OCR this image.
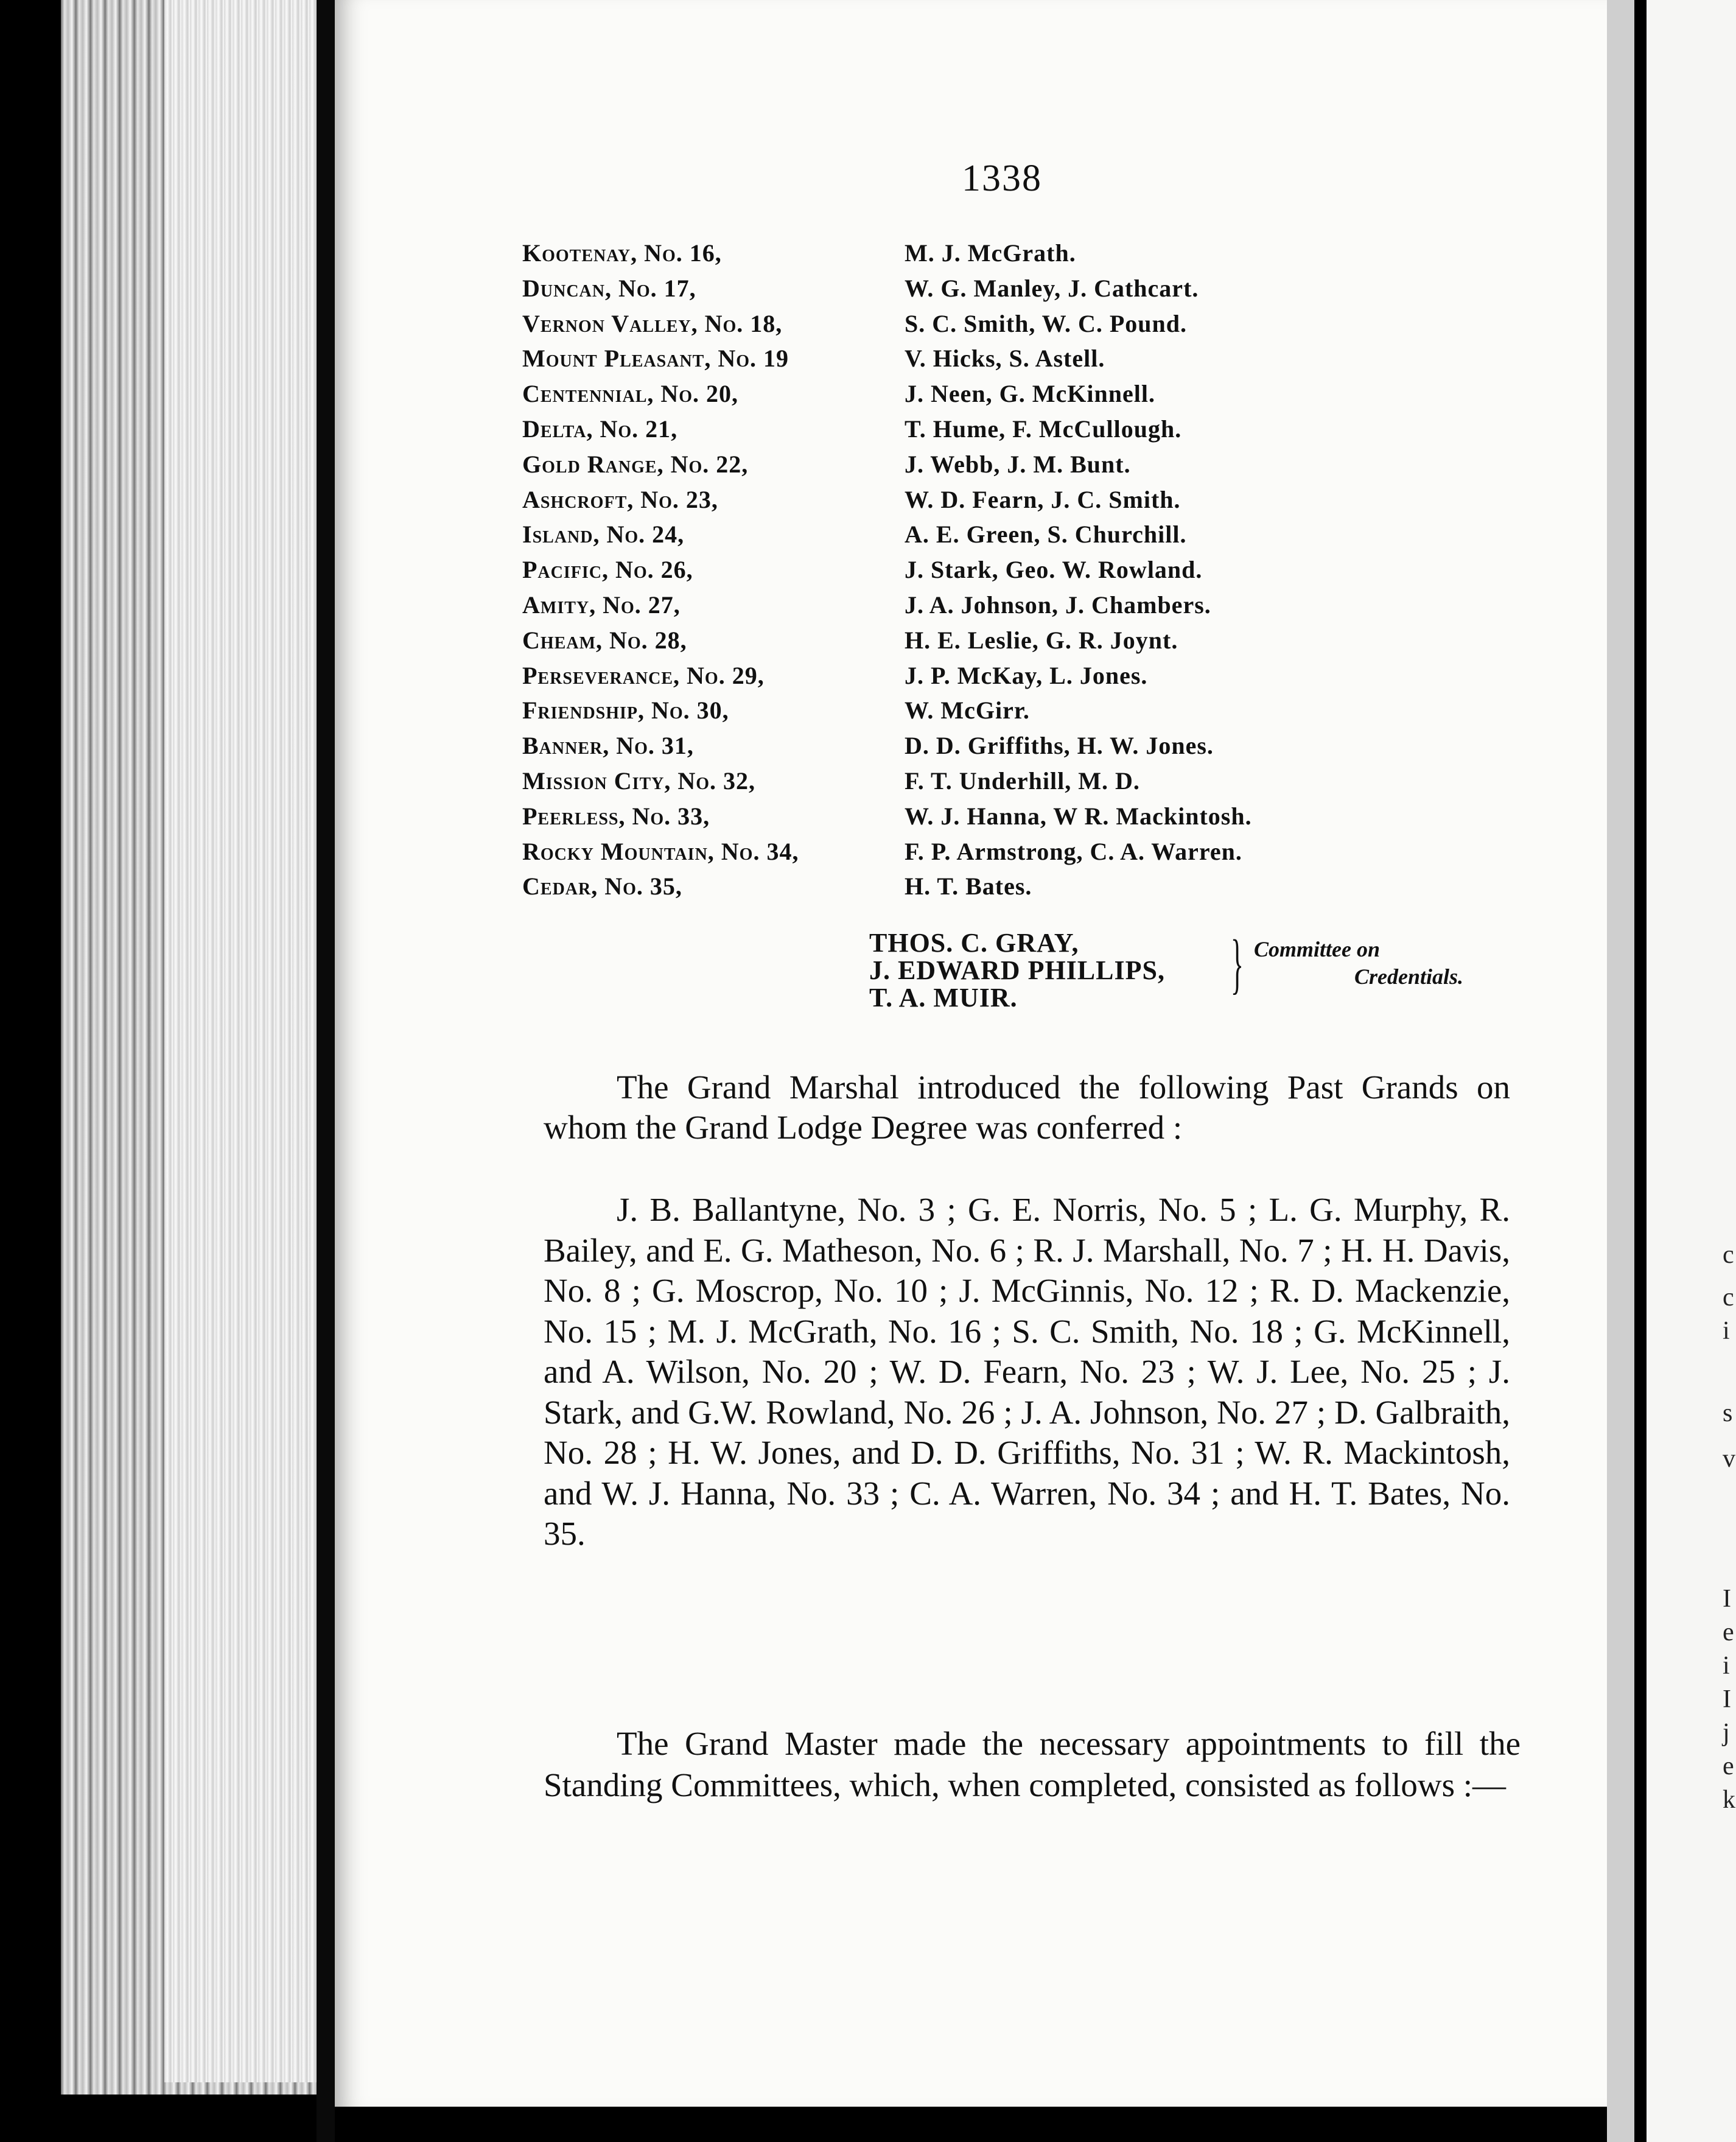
1338
Kootenay, No. 16,	M. J. McGrath.
Duncan, No. 17,	W. G. Manley, J. Cathcart.
Vernon Valley, No. 18,	S. C. Smith, W. C. Pound.
Mount Pleasant, No. 19	V. Hicks, S. Astell.
Centennial, No. 20,	J. Neen, G. McKinnell.
Delta, No. 21,	T. Hume, F. McCullough.
Gold Range, No. 22,	J. Webb, J. M. Bunt.
Ashcroft, No. 23,	W. D. Fearn, J. C. Smith.
Island, No. 24,	A. E. Green, S. Churchill.
Pacific, No. 26,	J. Stark, Geo. W. Rowland.
Amity, No. 27,	J. A. Johnson, J. Chambers.
Cheam, No. 28,	H. E. Leslie, G. R. Joynt.
Perseverance, No. 29,	J. P. McKay, L. Jones.
Friendship, No. 30,	W. McGirr.
Banner, No. 31,	D. D. Griffiths, H. W. Jones.
Mission City, No. 32,	F. T. Underhill, M. D.
Peerless, No. 33,	W. J. Hanna, W R. Mackintosh.
Rocky Mountain, No. 34,	F. P. Armstrong, C. A. Warren.
Cedar, No. 35,	H. T. Bates.
THOS. C. GRAY,
J. EDWARD PHILLIPS,
T. A. MUIR.	} Committee on
Credentials.

The Grand Marshal introduced the following Past Grands on whom the Grand Lodge Degree was conferred :

J. B. Ballantyne, No. 3 ; G. E. Norris, No. 5 ; L. G. Murphy, R. Bailey, and E. G. Matheson, No. 6 ; R. J. Marshall, No. 7 ; H. H. Davis, No. 8 ; G. Moscrop, No. 10 ; J. McGinnis, No. 12 ; R. D. Mackenzie, No. 15 ; M. J. McGrath, No. 16 ; S. C. Smith, No. 18 ; G. McKinnell, and A. Wilson, No. 20 ; W. D. Fearn, No. 23 ; W. J. Lee, No. 25 ; J. Stark, and G.W. Rowland, No. 26 ; J. A. Johnson, No. 27 ; D. Galbraith, No. 28 ; H. W. Jones, and D. D. Griffiths, No. 31 ; W. R. Mackintosh, and W. J. Hanna, No. 33 ; C. A. Warren, No. 34 ; and H. T. Bates, No. 35.

The Grand Master made the necessary appointments to fill the Standing Committees, which, when completed, consisted as follows :—

c
c
i
s
v
I
e
i
I
j
e
k
